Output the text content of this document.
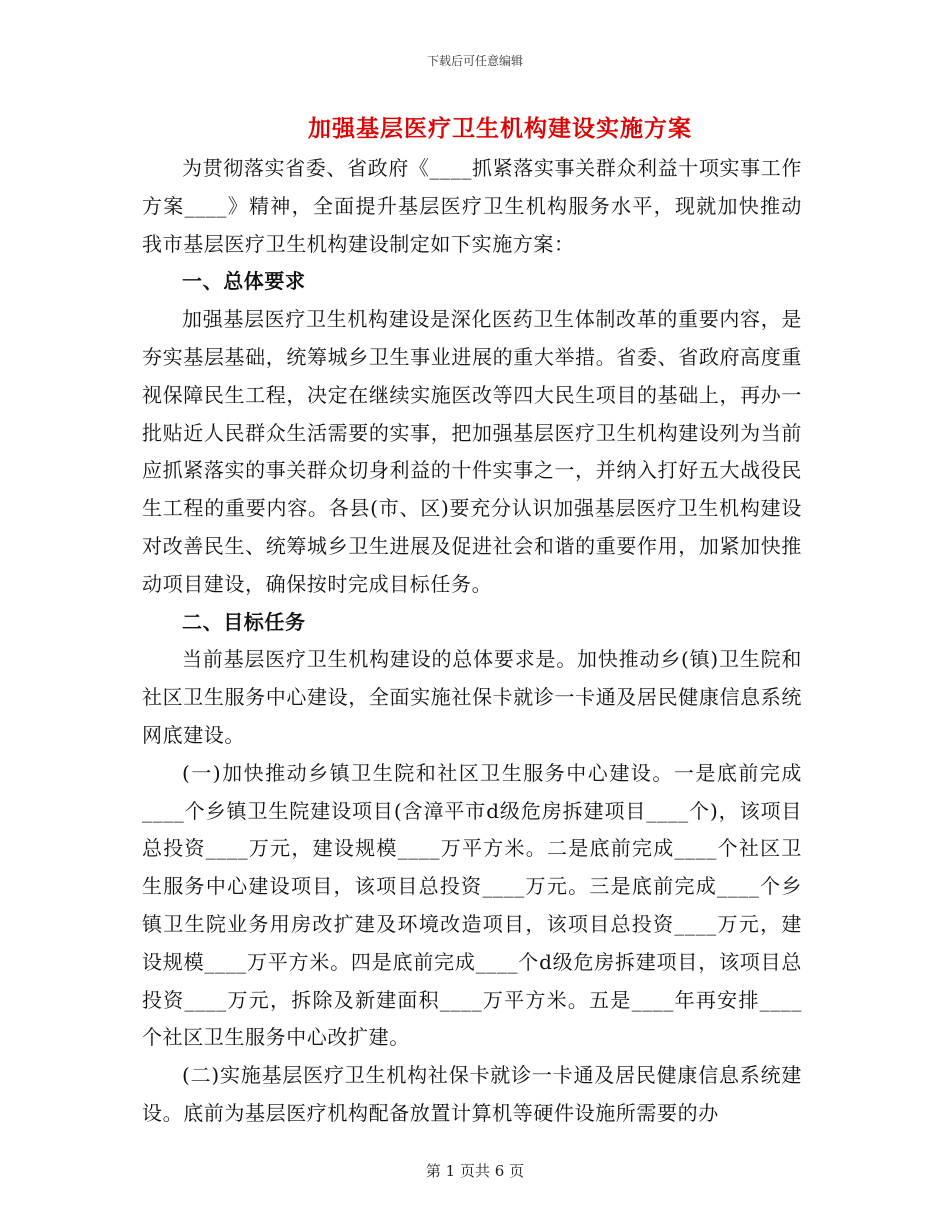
下载后可任意编辑
加强基层医疗卫生机构建设实施方案

为贯彻落实省委、省政府《____抓紧落实事关群众利益十项实事工作方案____》精神，全面提升基层医疗卫生机构服务水平，现就加快推动我市基层医疗卫生机构建设制定如下实施方案：

一、总体要求

加强基层医疗卫生机构建设是深化医药卫生体制改革的重要内容，是夯实基层基础，统筹城乡卫生事业进展的重大举措。省委、省政府高度重视保障民生工程，决定在继续实施医改等四大民生项目的基础上，再办一批贴近人民群众生活需要的实事，把加强基层医疗卫生机构建设列为当前应抓紧落实的事关群众切身利益的十件实事之一，并纳入打好五大战役民生工程的重要内容。各县(市、区)要充分认识加强基层医疗卫生机构建设对改善民生、统筹城乡卫生进展及促进社会和谐的重要作用，加紧加快推动项目建设，确保按时完成目标任务。

二、目标任务

当前基层医疗卫生机构建设的总体要求是。加快推动乡(镇)卫生院和社区卫生服务中心建设，全面实施社保卡就诊一卡通及居民健康信息系统网底建设。

(一)加快推动乡镇卫生院和社区卫生服务中心建设。一是底前完成____个乡镇卫生院建设项目(含漳平市d级危房拆建项目____个)，该项目总投资____万元，建设规模____万平方米。二是底前完成____个社区卫生服务中心建设项目，该项目总投资____万元。三是底前完成____个乡镇卫生院业务用房改扩建及环境改造项目，该项目总投资____万元，建设规模____万平方米。四是底前完成____个d级危房拆建项目，该项目总投资____万元，拆除及新建面积____万平方米。五是____年再安排____个社区卫生服务中心改扩建。

(二)实施基层医疗卫生机构社保卡就诊一卡通及居民健康信息系统建设。底前为基层医疗机构配备放置计算机等硬件设施所需要的办

第 1 页共 6 页
